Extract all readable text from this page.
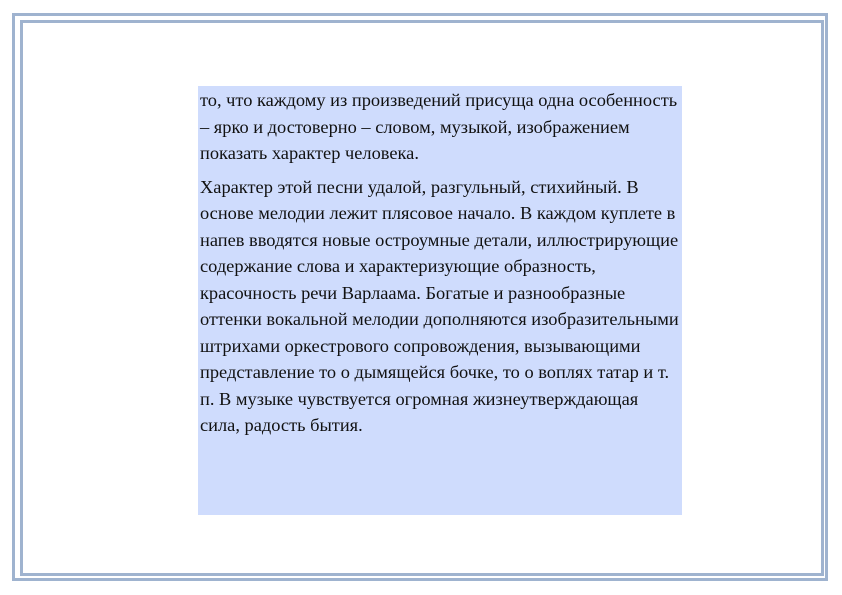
то, что каждому из произведений присуща одна особенность – ярко и достоверно – словом, музыкой, изображением показать характер человека.

Характер этой песни удалой, разгульный, стихийный. В основе мелодии лежит плясовое начало. В каждом куплете в напев вводятся новые остроумные детали, иллюстрирующие содержание слова и характеризующие образность, красочность речи Варлаама. Богатые и разнообразные оттенки вокальной мелодии дополняются изобразительными штрихами оркестрового сопровождения, вызывающими представление то о дымящейся бочке, то о воплях татар и т. п. В музыке чувствуется огромная жизнеутверждающая сила, радость бытия.
